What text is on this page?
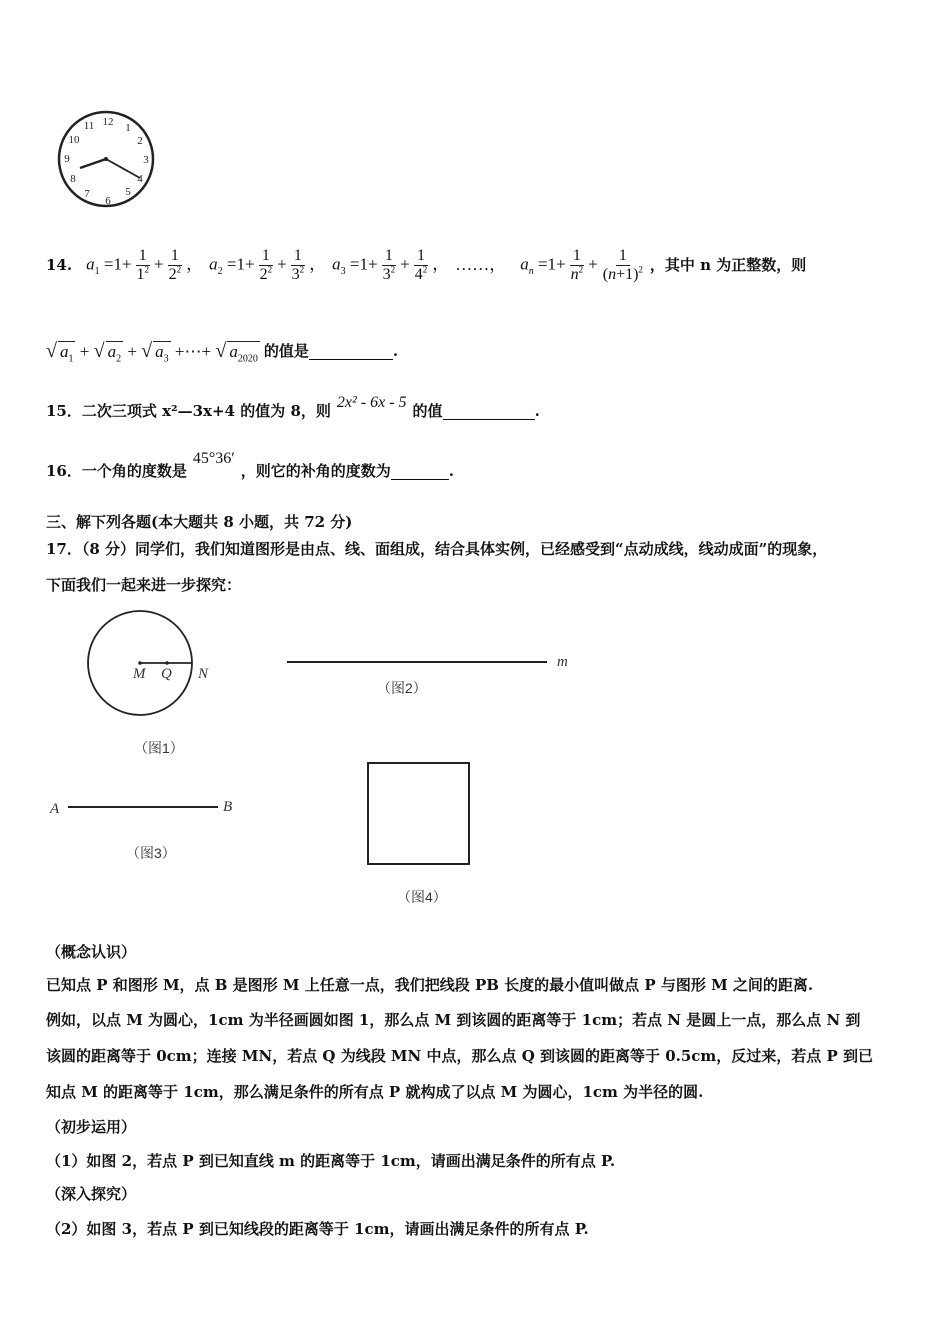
12 1
2
3
4
5
6
7
8
9
10
11
14. $a_1 =1+ \frac{1}{1^2} + \frac{1}{2^2}$ ， $a_2 =1+ \frac{1}{2^2} + \frac{1}{3^2}$ ， $a_3 =1+ \frac{1}{3^2} + \frac{1}{4^2}$ ， ……， $a_n =1+ \frac{1}{n^2} + \frac{1}{(n+1)^2}$ ，其中 n 为正整数，则
√ $a_1$ + √ $a_2$ + √ $a_3$ +⋯+ √ $a_{2020}$ 的值是	.
15．二次三项式 x²—3x+4 的值为 8，则 2x² - 6x - 5 的值	.
16．一个角的度数是
45°36′
，则它的补角的度数为	.
三、解下列各题(本大题共 8 小题，共 72 分)
17．（8 分）同学们，我们知道图形是由点、线、面组成，结合具体实例，已经感受到“点动成线，线动成面”的现象，
下面我们一起来进一步探究：
M Q N
（图1）
m
（图2）
A	B
（图3）
（图4）
（概念认识）
已知点 P 和图形 M，点 B 是图形 M 上任意一点，我们把线段 PB 长度的最小值叫做点 P 与图形 M 之间的距离.
例如，以点 M 为圆心，1cm 为半径画圆如图 1，那么点 M 到该圆的距离等于 1cm；若点 N 是圆上一点，那么点 N 到
该圆的距离等于 0cm；连接 MN，若点 Q 为线段 MN 中点，那么点 Q 到该圆的距离等于 0.5cm，反过来，若点 P 到已
知点 M 的距离等于 1cm，那么满足条件的所有点 P 就构成了以点 M 为圆心，1cm 为半径的圆.
（初步运用）
（1）如图 2，若点 P 到已知直线 m 的距离等于 1cm，请画出满足条件的所有点 P.
（深入探究）
（2）如图 3，若点 P 到已知线段的距离等于 1cm，请画出满足条件的所有点 P.
